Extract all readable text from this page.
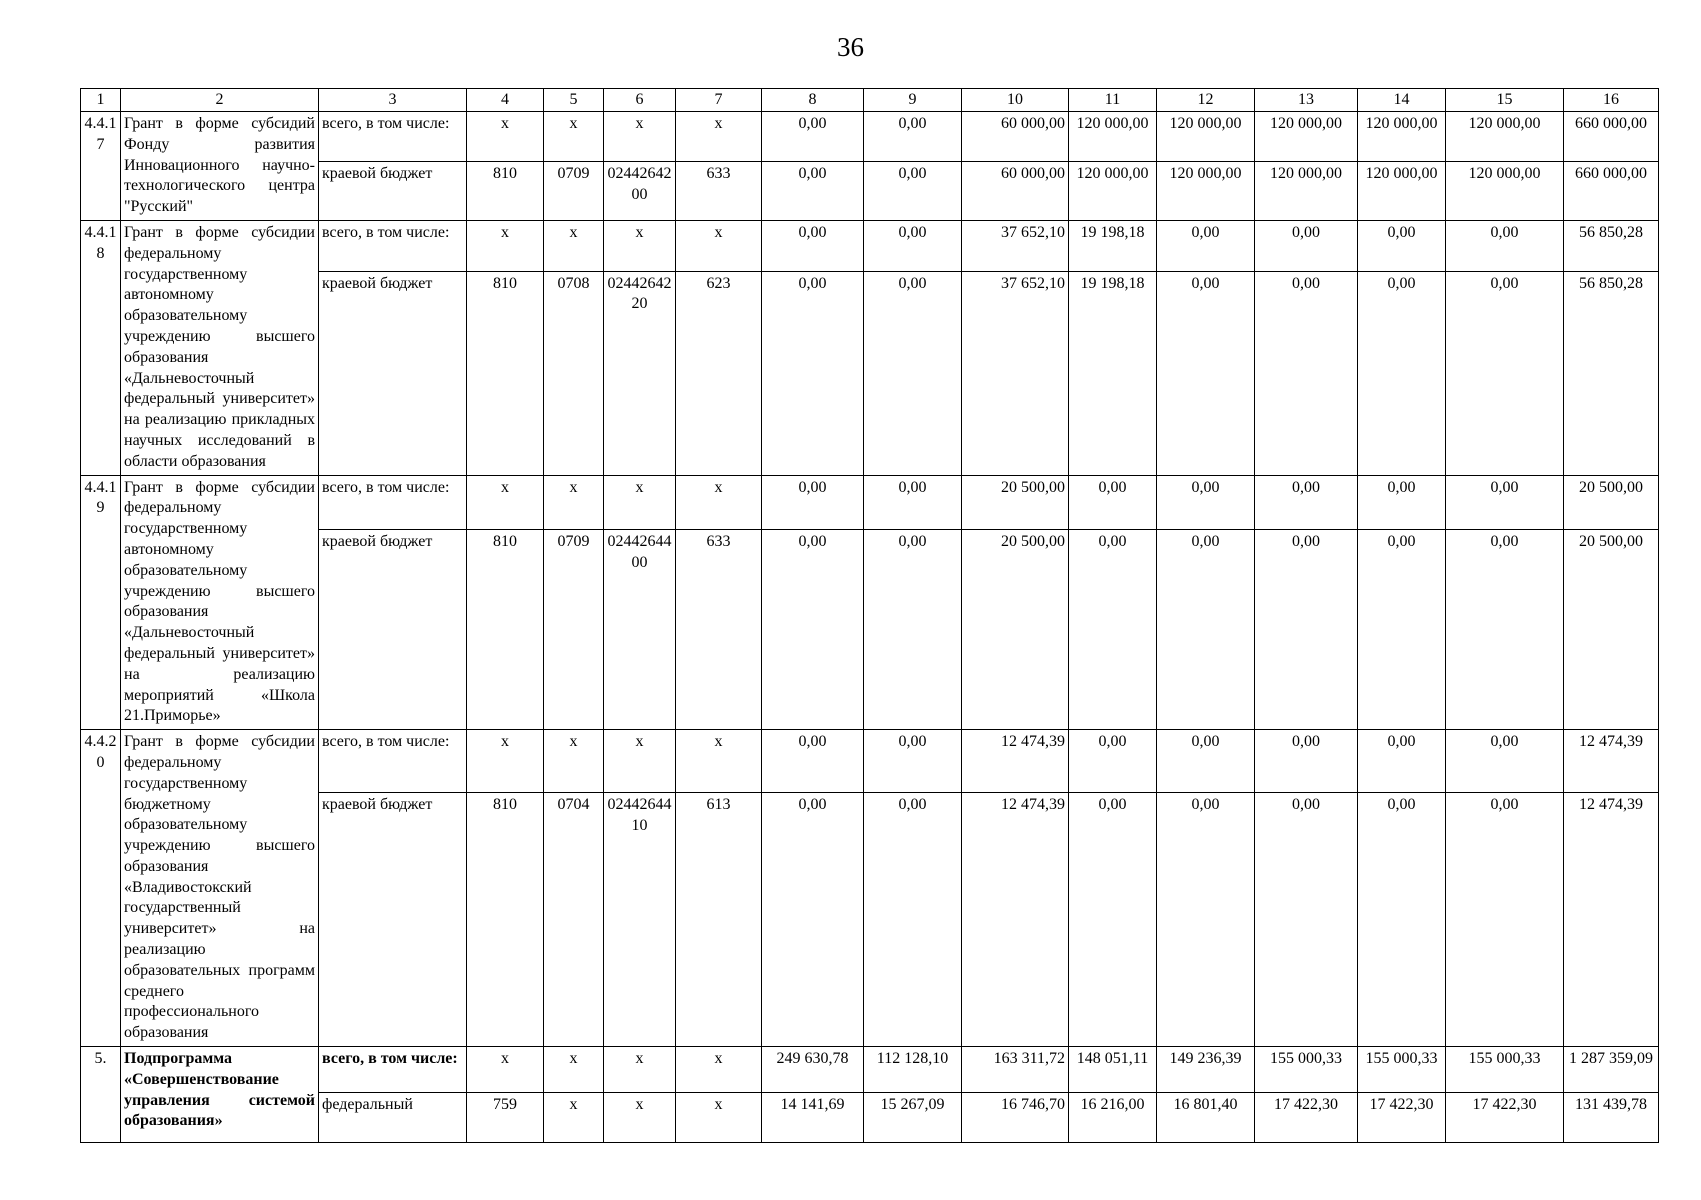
36
1	2	3	4	5	6	7	8	9	10	11	12	13	14	15	16
4.4.17	Грант в форме субсидий Фонду развития Инновационного научно-технологического центра "Русский"	всего, в том числе:	х	х	х	х	0,00	0,00	60 000,00	120 000,00	120 000,00	120 000,00	120 000,00	120 000,00	660 000,00
		краевой бюджет	810	0709	0244264200	633	0,00	0,00	60 000,00	120 000,00	120 000,00	120 000,00	120 000,00	120 000,00	660 000,00
4.4.18	Грант в форме субсидии федеральному государственному автономному образовательному учреждению высшего образования «Дальневосточный федеральный университет» на реализацию прикладных научных исследований в области образования	всего, в том числе:	х	х	х	х	0,00	0,00	37 652,10	19 198,18	0,00	0,00	0,00	0,00	56 850,28
		краевой бюджет	810	0708	0244264220	623	0,00	0,00	37 652,10	19 198,18	0,00	0,00	0,00	0,00	56 850,28
4.4.19	Грант в форме субсидии федеральному государственному автономному образовательному учреждению высшего образования «Дальневосточный федеральный университет» на реализацию мероприятий «Школа 21.Приморье»	всего, в том числе:	х	х	х	х	0,00	0,00	20 500,00	0,00	0,00	0,00	0,00	0,00	20 500,00
		краевой бюджет	810	0709	0244264400	633	0,00	0,00	20 500,00	0,00	0,00	0,00	0,00	0,00	20 500,00
4.4.20	Грант в форме субсидии федеральному государственному бюджетному образовательному учреждению высшего образования «Владивостокский государственный университет» на реализацию образовательных программ среднего профессионального образования	всего, в том числе:	х	х	х	х	0,00	0,00	12 474,39	0,00	0,00	0,00	0,00	0,00	12 474,39
		краевой бюджет	810	0704	0244264410	613	0,00	0,00	12 474,39	0,00	0,00	0,00	0,00	0,00	12 474,39
5.	Подпрограмма «Совершенствование управления системой образования»	всего, в том числе:	х	х	х	х	249 630,78	112 128,10	163 311,72	148 051,11	149 236,39	155 000,33	155 000,33	155 000,33	1 287 359,09
		федеральный	759	х	х	х	14 141,69	15 267,09	16 746,70	16 216,00	16 801,40	17 422,30	17 422,30	17 422,30	131 439,78
